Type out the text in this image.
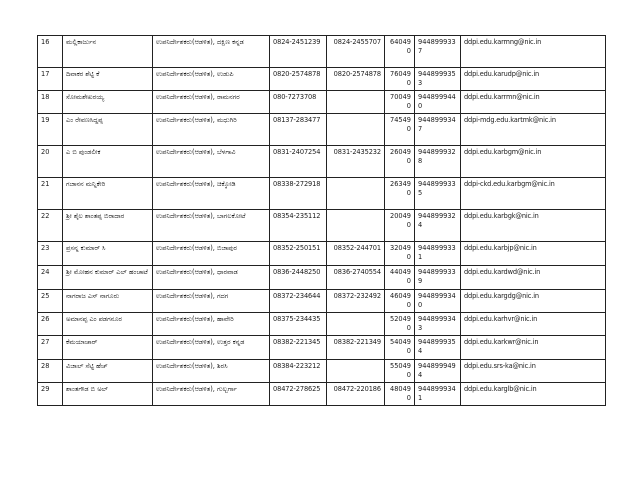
16	ಮಲ್ಲಿಕಾರ್ಜುನ	ಉಪನಿರ್ದೇಶಕರು(ಆಡಳಿತ), ದಕ್ಷಿಣ ಕನ್ನಡ	0824-2451239	0824-2455707	640490	9448999337	ddpi.edu.karmng@nic.in
17	ದಿವಾಕರ ಶೆಟ್ಟಿ ಕೆ	ಉಪನಿರ್ದೇಶಕರು(ಆಡಳಿತ), ಉಡುಪಿ	0820-2574878	0820-2574878	760490	9448999353	ddpi.edu.karudp@nic.in
18	ಸೋಮಶೇಖರಯ್ಯ	ಉಪನಿರ್ದೇಶಕರು(ಆಡಳಿತ), ರಾಮನಗರ	080-7273708		700490	9448999440	ddpi.edu.karrmn@nic.in
19	ಎಂ ರೇವಣಸಿದ್ದಪ್ಪ	ಉಪನಿರ್ದೇಶಕರು(ಆಡಳಿತ), ಮಧುಗಿರಿ	08137-283477		745490	9448999347	ddpi-mdg.edu.kartmk@nic.in
20	ಎ ಬಿ ಪುಂಡಲೀಕ	ಉಪನಿರ್ದೇಶಕರು(ಆಡಳಿತ), ಬೆಳಗಾವಿ	0831-2407254	0831-2435232	260490	9448999328	ddpi.edu.karbgm@nic.in
21	ಗಜಾನನ ಮನ್ನಿಕೇರಿ	ಉಪನಿರ್ದೇಶಕರು(ಆಡಳಿತ), ಚಿಕ್ಕೋಡಿ	08338-272918		263490	9448999335	ddpi-ckd.edu.karbgm@nic.in
22	ಶ್ರೀ ಶೈಲ ಶಾಂತಪ್ಪ ಬಿರಾದಾರ	ಉಪನಿರ್ದೇಶಕರು(ಆಡಳಿತ), ಬಾಗಲಕೋಟೆ	08354-235112		200490	9448999324	ddpi.edu.karbgk@nic.in
23	ಪ್ರಸನ್ನ ಕುಮಾರ್ ಸಿ	ಉಪನಿರ್ದೇಶಕರು(ಆಡಳಿತ), ಬಿಜಾಪುರ	08352-250151	08352-244701	320490	9448999331	ddpi.edu.karbjp@nic.in
24	ಶ್ರೀ ಮೋಹನ ಕುಮಾರ್ ಎಲ್ ಹಂಚಾಟೆ	ಉಪನಿರ್ದೇಶಕರು(ಆಡಳಿತ), ಧಾರವಾಡ	0836-2448250	0836-2740554	440490	9448999339	ddpi.edu.kardwd@nic.in
25	ನಾಗರಾಜ ಎಸ್ ನಾಗೂರು	ಉಪನಿರ್ದೇಶಕರು(ಆಡಳಿತ), ಗದಗ	08372-234644	08372-232492	460490	9448999340	ddpi.edu.kargdg@nic.in
26	ಅಮಾನಪ್ಪ ಎಂ ಪಡಗನೂರ	ಉಪನಿರ್ದೇಶಕರು(ಆಡಳಿತ), ಹಾವೇರಿ	08375-234435		520490	9448999343	ddpi.edu.karhvr@nic.in
27	ಕೆಮಯಾಚಾರ್	ಉಪನಿರ್ದೇಶಕರು(ಆಡಳಿತ), ಉತ್ತರ ಕನ್ನಡ	08382-221345	08382-221349	540490	9448999354	ddpi.edu.karkwr@nic.in
28	ವಿಜಾಲ್ ಸೆಟ್ಟಿ ಹೆಚ್	ಉಪನಿರ್ದೇಶಕರು(ಆಡಳಿತ), ಶಿರಸಿ	08384-223212		550490	9448999494	ddpi.edu.srs-ka@nic.in
29	ಶಾಂತಗೌಡ ಬಿ ಅಲ್	ಉಪನಿರ್ದೇಶಕರು(ಆಡಳಿತ), ಗುಲ್ಬರ್ಗಾ	08472-278625	08472-220186	480490	9448999341	ddpi.edu.karglb@nic.in
